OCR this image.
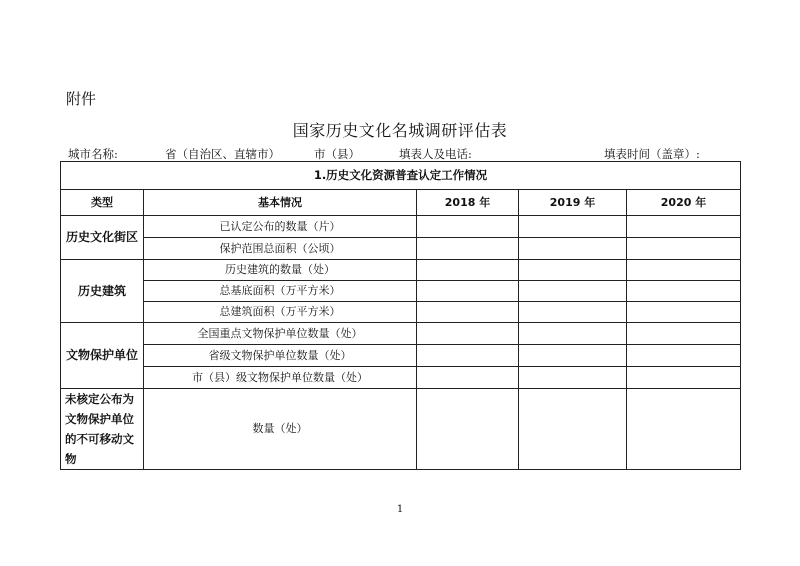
附件
国家历史文化名城调研评估表
城市名称:	省（自治区、直辖市）	市（县）	填表人及电话:	填表时间（盖章）:
1.历史文化资源普查认定工作情况				
类型	基本情况	2018 年	2019 年	2020 年
历史文化街区	已认定公布的数量（片）			
	保护范围总面积（公顷）			
历史建筑	历史建筑的数量（处）			
	总基底面积（万平方米）			
	总建筑面积（万平方米）			
文物保护单位	全国重点文物保护单位数量（处）			
	省级文物保护单位数量（处）			
	市（县）级文物保护单位数量（处）			
未核定公布为文物保护单位的不可移动文物	数量（处）			
1
